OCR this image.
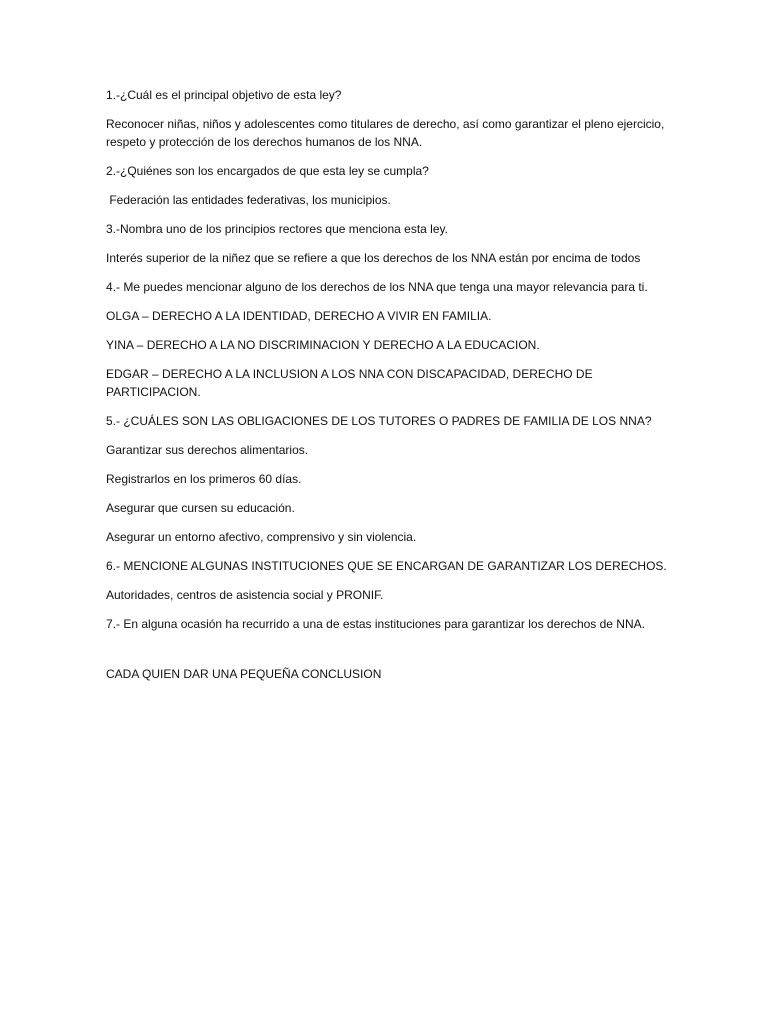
1.-¿Cuál es el principal objetivo de esta ley?

Reconocer niñas, niños y adolescentes como titulares de derecho, así como garantizar el pleno ejercicio, respeto y protección de los derechos humanos de los NNA.

2.-¿Quiénes son los encargados de que esta ley se cumpla?

Federación las entidades federativas, los municipios.

3.-Nombra uno de los principios rectores que menciona esta ley.

Interés superior de la niñez que se refiere a que los derechos de los NNA están por encima de todos

4.- Me puedes mencionar alguno de los derechos de los NNA que tenga una mayor relevancia para ti.

OLGA – DERECHO A LA IDENTIDAD, DERECHO A VIVIR EN FAMILIA.

YINA – DERECHO A LA NO DISCRIMINACION Y DERECHO A LA EDUCACION.

EDGAR – DERECHO A LA INCLUSION A LOS NNA CON DISCAPACIDAD, DERECHO DE PARTICIPACION.

5.- ¿CUÁLES SON LAS OBLIGACIONES DE LOS TUTORES O PADRES DE FAMILIA DE LOS NNA?

Garantizar sus derechos alimentarios.

Registrarlos en los primeros 60 días.

Asegurar que cursen su educación.

Asegurar un entorno afectivo, comprensivo y sin violencia.

6.- MENCIONE ALGUNAS INSTITUCIONES QUE SE ENCARGAN DE GARANTIZAR LOS DERECHOS.

Autoridades, centros de asistencia social y PRONIF.

7.- En alguna ocasión ha recurrido a una de estas instituciones para garantizar los derechos de NNA.

CADA QUIEN DAR UNA PEQUEÑA CONCLUSION
